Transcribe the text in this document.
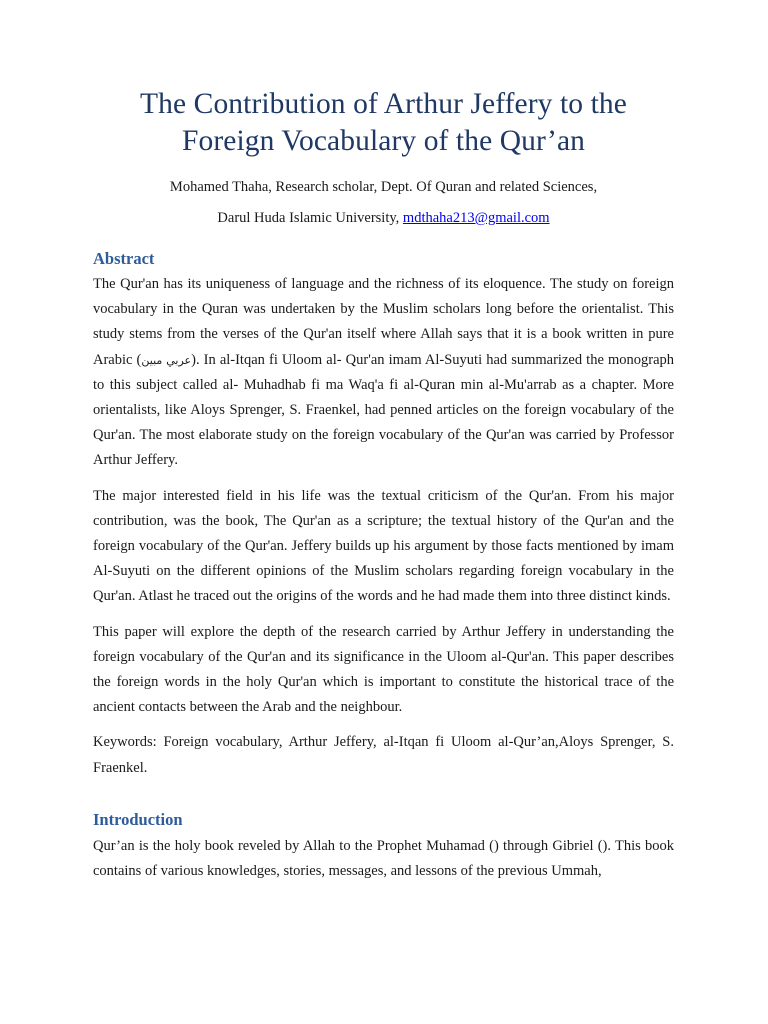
The Contribution of Arthur Jeffery to the
Foreign Vocabulary of the Qur’an

Mohamed Thaha, Research scholar, Dept. Of Quran and related Sciences,

Darul Huda Islamic University, mdthaha213@gmail.com

Abstract

The Qur'an has its uniqueness of language and the richness of its eloquence. The study on foreign vocabulary in the Quran was undertaken by the Muslim scholars long before the orientalist. This study stems from the verses of the Qur'an itself where Allah says that it is a book written in pure Arabic (عربي مبين). In al-Itqan fi Uloom al- Qur'an imam Al-Suyuti had summarized the monograph to this subject called al- Muhadhab fi ma Waq'a fi al-Quran min al-Mu'arrab as a chapter. More orientalists, like Aloys Sprenger, S. Fraenkel, had penned articles on the foreign vocabulary of the Qur'an. The most elaborate study on the foreign vocabulary of the Qur'an was carried by Professor Arthur Jeffery.

The major interested field in his life was the textual criticism of the Qur'an. From his major contribution, was the book, The Qur'an as a scripture; the textual history of the Qur'an and the foreign vocabulary of the Qur'an. Jeffery builds up his argument by those facts mentioned by imam Al-Suyuti on the different opinions of the Muslim scholars regarding foreign vocabulary in the Qur'an. Atlast he traced out the origins of the words and he had made them into three distinct kinds.

This paper will explore the depth of the research carried by Arthur Jeffery in understanding the foreign vocabulary of the Qur'an and its significance in the Uloom al-Qur'an. This paper describes the foreign words in the holy Qur'an which is important to constitute the historical trace of the ancient contacts between the Arab and the neighbour.

Keywords: Foreign vocabulary, Arthur Jeffery, al-Itqan fi Uloom al-Qur’an,Aloys Sprenger, S. Fraenkel.

Introduction

Qur’an is the holy book reveled by Allah to the Prophet Muhamad () through Gibriel (). This book contains of various knowledges, stories, messages, and lessons of the previous Ummah,
